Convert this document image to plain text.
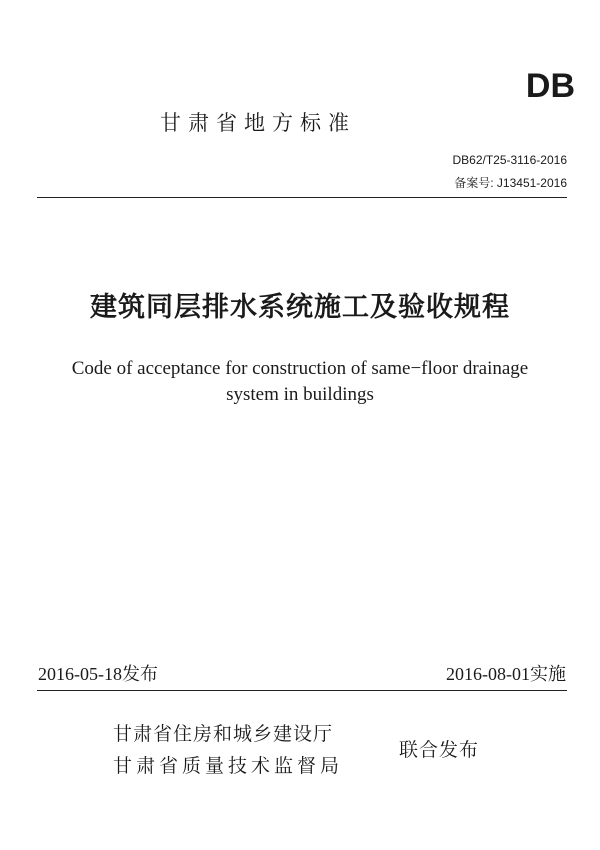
DB
甘肃省地方标准
DB62/T25-3116-2016
备案号: J13451-2016
建筑同层排水系统施工及验收规程
Code of acceptance for construction of same−floor drainage
system in buildings
2016-05-18发布	2016-08-01实施
甘肃省住房和城乡建设厅
甘肃省质量技术监督局
联合发布
